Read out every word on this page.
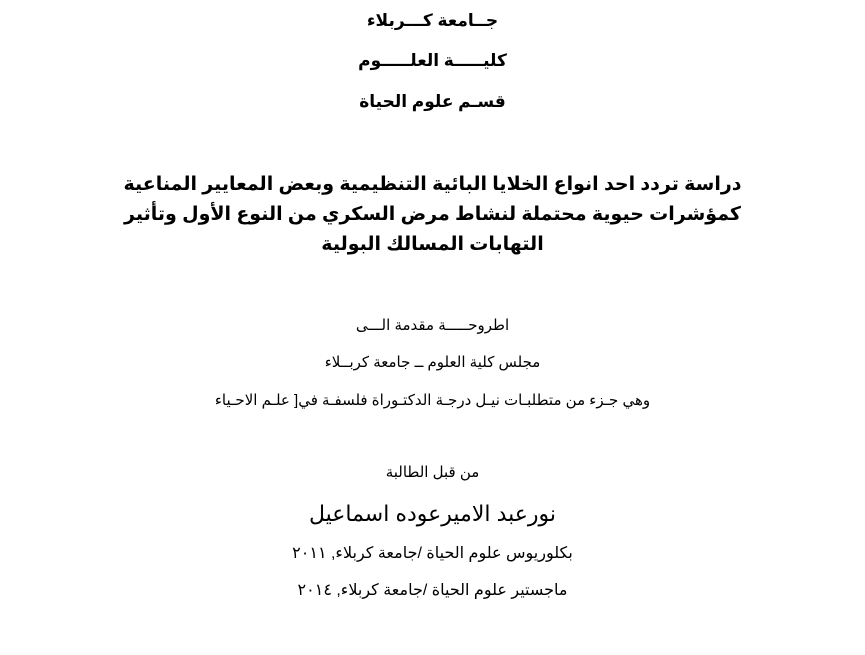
جــامعة كـــربلاء
كليـــــة العلـــــوم
قسـم علوم الحياة
دراسة تردد احد انواع الخلايا البائية التنظيمية وبعض المعايير المناعية
كمؤشرات حيوية محتملة لنشاط مرض السكري من النوع الأول وتأثير
التهابات المسالك البولية
اطروحـــــة مقدمة الـــى
مجلس كلية العلوم ــ جامعة كربــلاء
وهي جـزء من متطلبـات نيـل درجـة الدكتـوراة فلسفـة في[ علـم الاحـياء
من قبل الطالبة
نورعبد الاميرعوده اسماعيل
بكلوريوس علوم الحياة /جامعة كربلاء, ٢٠١١
ماجستير علوم الحياة /جامعة كربلاء, ٢٠١٤
